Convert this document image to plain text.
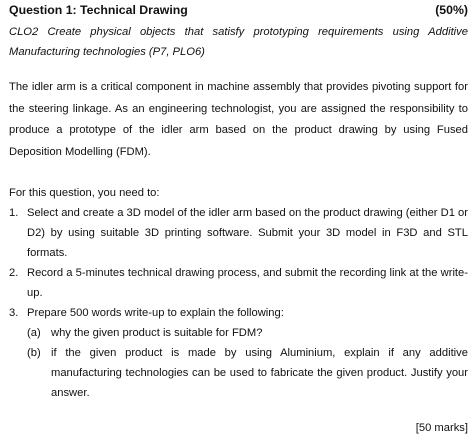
Question 1: Technical Drawing	(50%)
CLO2 Create physical objects that satisfy prototyping requirements using Additive Manufacturing technologies (P7, PLO6)
The idler arm is a critical component in machine assembly that provides pivoting support for the steering linkage. As an engineering technologist, you are assigned the responsibility to produce a prototype of the idler arm based on the product drawing by using Fused Deposition Modelling (FDM).
For this question, you need to:
1. Select and create a 3D model of the idler arm based on the product drawing (either D1 or D2) by using suitable 3D printing software. Submit your 3D model in F3D and STL formats.
2. Record a 5-minutes technical drawing process, and submit the recording link at the write-up.
3. Prepare 500 words write-up to explain the following:
(a) why the given product is suitable for FDM?
(b) if the given product is made by using Aluminium, explain if any additive manufacturing technologies can be used to fabricate the given product. Justify your answer.
[50 marks]
